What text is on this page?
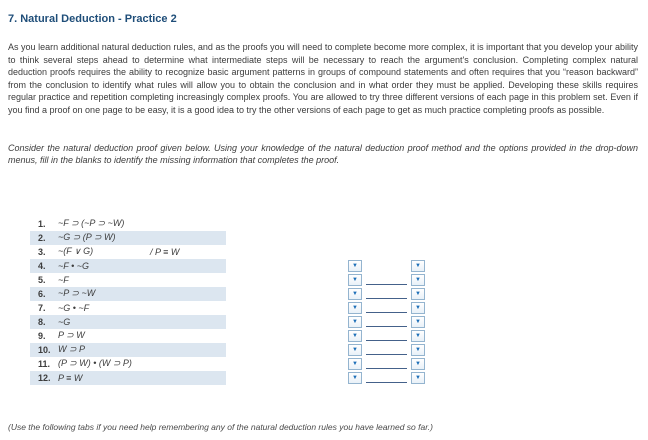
7. Natural Deduction - Practice 2

As you learn additional natural deduction rules, and as the proofs you will need to complete become more complex, it is important that you develop your ability to think several steps ahead to determine what intermediate steps will be necessary to reach the argument's conclusion. Completing complex natural deduction proofs requires the ability to recognize basic argument patterns in groups of compound statements and often requires that you “reason backward” from the conclusion to identify what rules will allow you to obtain the conclusion and in what order they must be applied. Developing these skills requires regular practice and repetition completing increasingly complex proofs. You are allowed to try three different versions of each page in this problem set. Even if you find a proof on one page to be easy, it is a good idea to try the other versions of each page to get as much practice completing proofs as possible.

Consider the natural deduction proof given below. Using your knowledge of the natural deduction proof method and the options provided in the drop-down menus, fill in the blanks to identify the missing information that completes the proof.

1.	~F ⊃ (~P ⊃ ~W)
2.	~G ⊃ (P ⊃ W)
3.	~(F ∨ G)	/ P ≡ W
4.	~F • ~G	▼	▼
5.	~F	▼	▼
6.	~P ⊃ ~W	▼	▼
7.	~G • ~F	▼	▼
8.	~G	▼	▼
9.	P ⊃ W	▼	▼
10. W ⊃ P	▼	▼
11. (P ⊃ W) • (W ⊃ P)	▼	▼
12. P ≡ W	▼	▼

(Use the following tabs if you need help remembering any of the natural deduction rules you have learned so far.)
